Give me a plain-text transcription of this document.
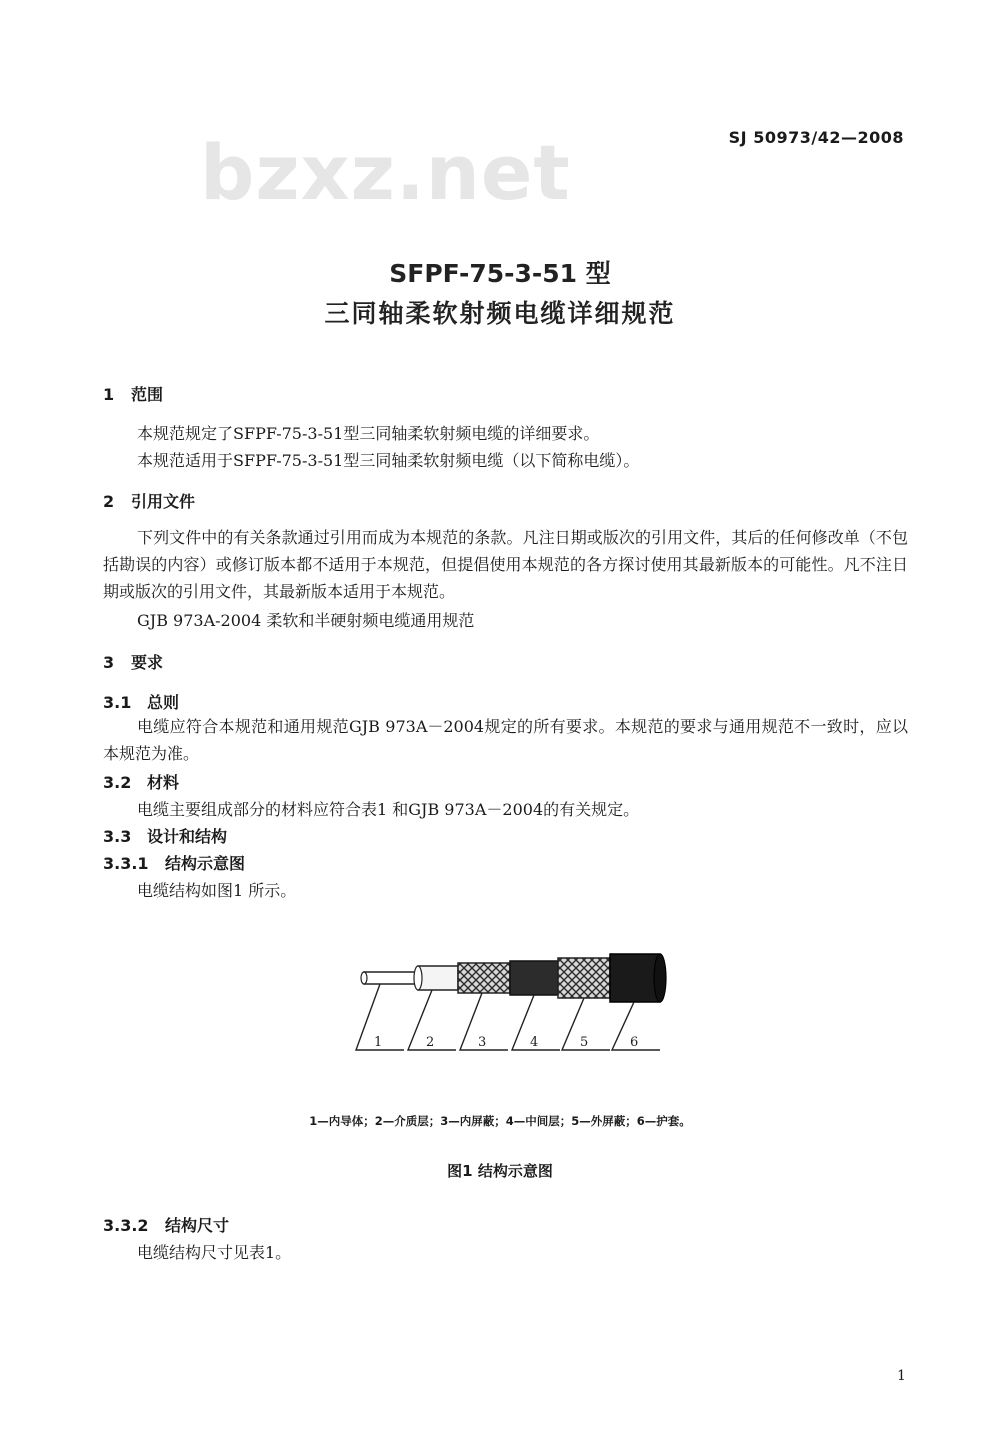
bzxz.net	SJ 50973/42—2008
SFPF-75-3-51 型
三同轴柔软射频电缆详细规范
1 范围
本规范规定了SFPF-75-3-51型三同轴柔软射频电缆的详细要求。
本规范适用于SFPF-75-3-51型三同轴柔软射频电缆（以下简称电缆）。
2 引用文件
下列文件中的有关条款通过引用而成为本规范的条款。凡注日期或版次的引用文件，其后的任何修改单（不包括勘误的内容）或修订版本都不适用于本规范，但提倡使用本规范的各方探讨使用其最新版本的可能性。凡不注日期或版次的引用文件，其最新版本适用于本规范。
GJB 973A-2004 柔软和半硬射频电缆通用规范
3 要求
3.1 总则
电缆应符合本规范和通用规范GJB 973A－2004规定的所有要求。本规范的要求与通用规范不一致时，应以本规范为准。
3.2 材料
电缆主要组成部分的材料应符合表1 和GJB 973A－2004的有关规定。
3.3 设计和结构
3.3.1 结构示意图
电缆结构如图1 所示。
1	2	3	4	5	6
1—内导体；2—介质层；3—内屏蔽；4—中间层；5—外屏蔽；6—护套。
图1 结构示意图
3.3.2 结构尺寸
电缆结构尺寸见表1。
1
